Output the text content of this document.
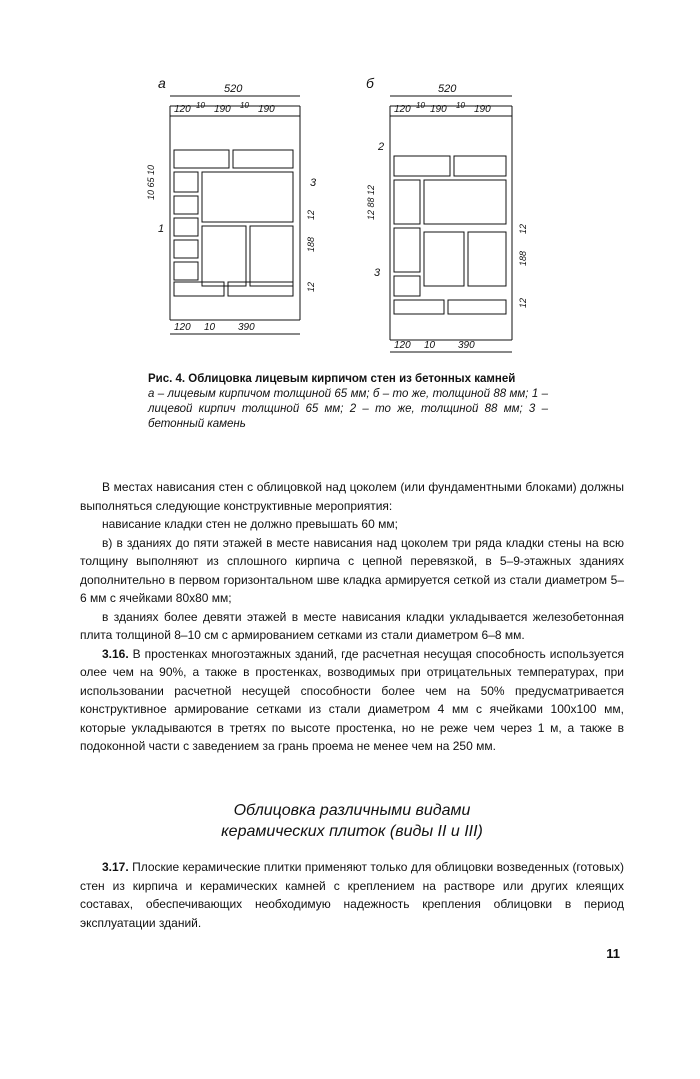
a	520
120 10 190 10 190
10 65 10
1
3
12
188
12
120 10 390
б	520
120 10 190 10 190
12 88 12
2
3
12
188
12
120 10 390
Рис. 4. Облицовка лицевым кирпичом стен из бетонных камней
а – лицевым кирпичом толщиной 65 мм; б – то же, толщиной 88 мм; 1 – лицевой кирпич толщиной 65 мм; 2 – то же, толщиной 88 мм; 3 – бетонный камень

В местах нависания стен с облицовкой над цоколем (или фундаментными блоками) должны выполняться следующие конструктивные мероприятия:

нависание кладки стен не должно превышать 60 мм;

в) в зданиях до пяти этажей в месте нависания над цоколем три ряда кладки стены на всю толщину выполняют из сплошного кирпича с цепной перевязкой, в 5–9-этажных зданиях дополнительно в первом горизонтальном шве кладка армируется сеткой из стали диаметром 5–6 мм с ячейками 80х80 мм;

в зданиях более девяти этажей в месте нависания кладки укладывается железобетонная плита толщиной 8–10 см с армированием сетками из стали диаметром 6–8 мм.

3.16. В простенках многоэтажных зданий, где расчетная несущая способность используется олее чем на 90%, а также в простенках, возводимых при отрицательных температурах, при использовании расчетной несущей способности более чем на 50% предусматривается конструктивное армирование сетками из стали диаметром 4 мм с ячейками 100х100 мм, которые укладываются в третях по высоте простенка, но не реже чем через 1 м, а также в подоконной части с заведением за грань проема не менее чем на 250 мм.

Облицовка различными видами
керамических плиток (виды II и III)

3.17. Плоские керамические плитки применяют только для облицовки возведенных (готовых) стен из кирпича и керамических камней с креплением на растворе или других клеящих составах, обеспечивающих необходимую надежность крепления облицовки в период эксплуатации зданий.

11
